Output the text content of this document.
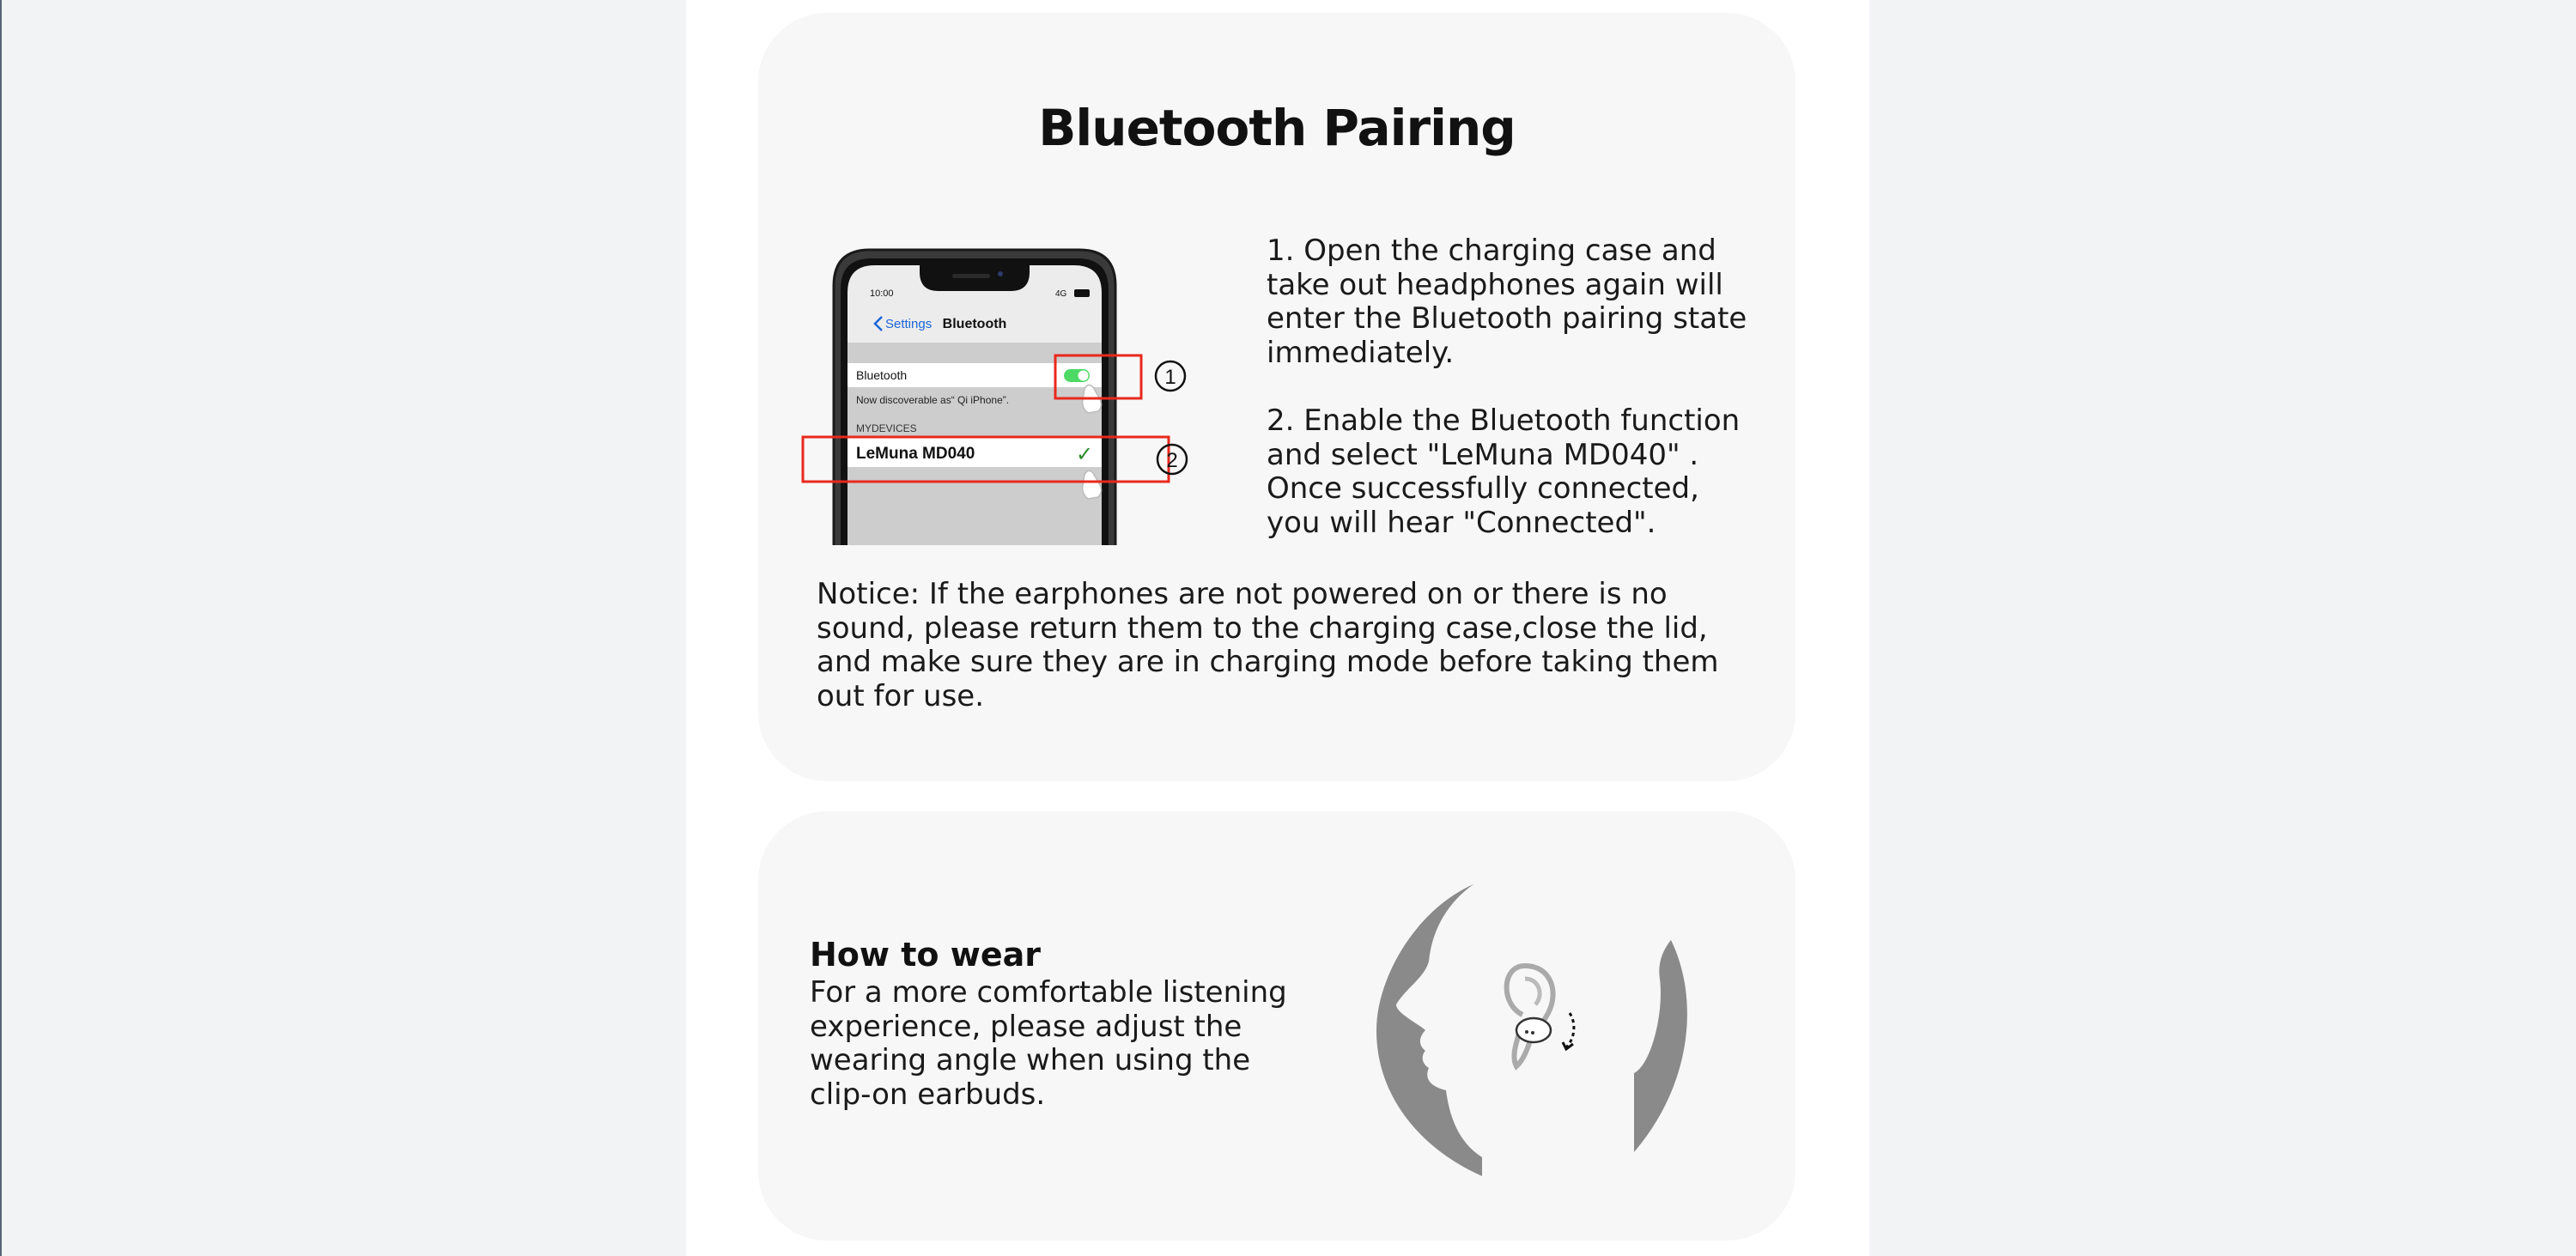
Bluetooth Pairing
10:00	4G
Settings Bluetooth
Bluetooth
Now discoverable as“ Qi iPhone”.
MYDEVICES
LeMuna MD040	✓
1
2

1. Open the charging case and take out headphones again will enter the Bluetooth pairing state immediately.

2. Enable the Bluetooth function and select "LeMuna MD040" . Once successfully connected, you will hear "Connected".

Notice: If the earphones are not powered on or there is no sound, please return them to the charging case,close the lid, and make sure they are in charging mode before taking them out for use.
How to wear
For a more comfortable listening experience, please adjust the wearing angle when using the clip-on earbuds.
